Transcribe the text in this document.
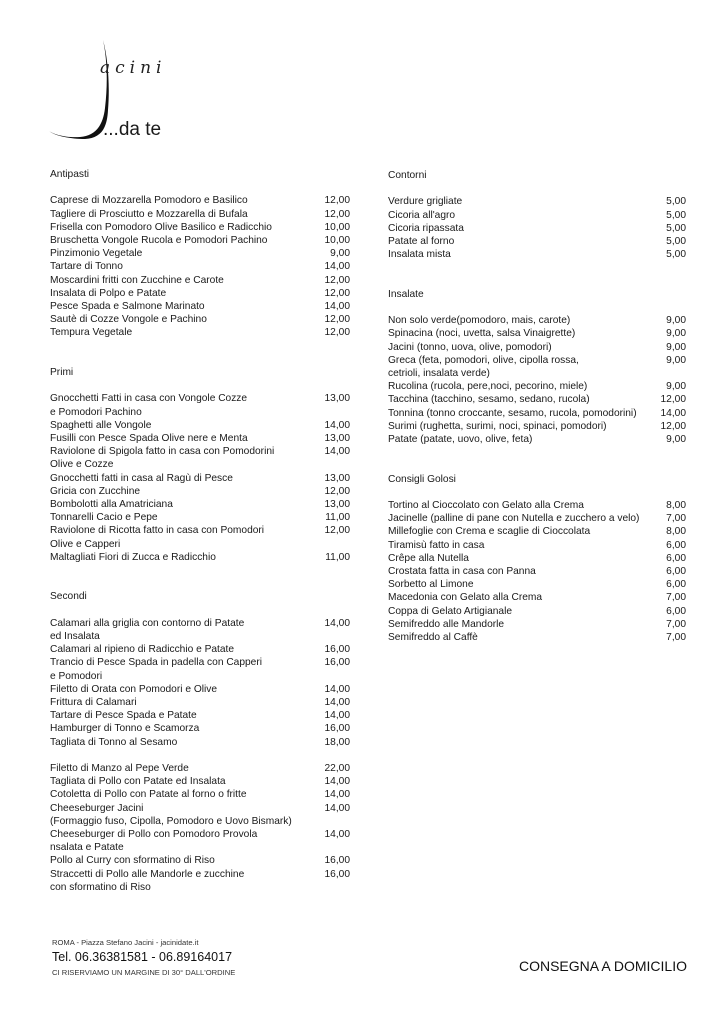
acini
...da te
Antipasti
Caprese di Mozzarella Pomodoro e Basilico	12,00
Tagliere di Prosciutto e Mozzarella di Bufala	12,00
Frisella con Pomodoro Olive Basilico e Radicchio	10,00
Bruschetta Vongole Rucola e Pomodori Pachino	10,00
Pinzimonio Vegetale	9,00
Tartare di Tonno	14,00
Moscardini fritti con Zucchine e Carote	12,00
Insalata di Polpo e Patate	12,00
Pesce Spada e Salmone Marinato	14,00
Sautè di Cozze Vongole e Pachino	12,00
Tempura Vegetale	12,00
Primi
Gnocchetti Fatti in casa con Vongole Cozze	13,00
e Pomodori Pachino
Spaghetti alle Vongole	14,00
Fusilli con Pesce Spada Olive nere e Menta	13,00
Raviolone di Spigola fatto in casa con Pomodorini	14,00
Olive e Cozze
Gnocchetti fatti in casa al Ragù di Pesce	13,00
Gricia con Zucchine	12,00
Bombolotti alla Amatriciana	13,00
Tonnarelli Cacio e Pepe	11,00
Raviolone di Ricotta fatto in casa con Pomodori	12,00
Olive e Capperi
Maltagliati Fiori di Zucca e Radicchio	11,00
Secondi
Calamari alla griglia con contorno di Patate	14,00
ed Insalata
Calamari al ripieno di Radicchio e Patate	16,00
Trancio di Pesce Spada in padella con Capperi	16,00
e Pomodori
Filetto di Orata con Pomodori e Olive	14,00
Frittura di Calamari	14,00
Tartare di Pesce Spada e Patate	14,00
Hamburger di Tonno e Scamorza	16,00
Tagliata di Tonno al Sesamo	18,00
Filetto di Manzo al Pepe Verde	22,00
Tagliata di Pollo con Patate ed Insalata	14,00
Cotoletta di Pollo con Patate al forno o fritte	14,00
Cheeseburger Jacini	14,00
(Formaggio fuso, Cipolla, Pomodoro e Uovo Bismark)
Cheeseburger di Pollo con Pomodoro Provola	14,00
nsalata e Patate
Pollo al Curry con sformatino di Riso	16,00
Straccetti di Pollo alle Mandorle e zucchine	16,00
con sformatino di Riso
Contorni
Verdure grigliate	5,00
Cicoria all'agro	5,00
Cicoria ripassata	5,00
Patate al forno	5,00
Insalata mista	5,00
Insalate
Non solo verde(pomodoro, mais, carote)	9,00
Spinacina (noci, uvetta, salsa Vinaigrette)	9,00
Jacini (tonno, uova, olive, pomodori)	9,00
Greca (feta, pomodori, olive, cipolla rossa,	9,00
cetrioli, insalata verde)
Rucolina (rucola, pere,noci, pecorino, miele)	9,00
Tacchina (tacchino, sesamo, sedano, rucola)	12,00
Tonnina (tonno croccante, sesamo, rucola, pomodorini) 14,00
Surimi (rughetta, surimi, noci, spinaci, pomodori)	12,00
Patate (patate, uovo, olive, feta)	9,00
Consigli Golosi
Tortino al Cioccolato con Gelato alla Crema	8,00
Jacinelle (palline di pane con Nutella e zucchero a velo)	7,00
Millefoglie con Crema e scaglie di Cioccolata	8,00
Tiramisù fatto in casa	6,00
Crêpe alla Nutella	6,00
Crostata fatta in casa con Panna	6,00
Sorbetto al Limone	6,00
Macedonia con Gelato alla Crema	7,00
Coppa di Gelato Artigianale	6,00
Semifreddo alle Mandorle	7,00
Semifreddo al Caffè	7,00
ROMA - Piazza Stefano Jacini - jacinidate.it
Tel. 06.36381581 - 06.89164017
CI RISERVIAMO UN MARGINE DI 30° DALL'ORDINE	CONSEGNA A DOMICILIO
